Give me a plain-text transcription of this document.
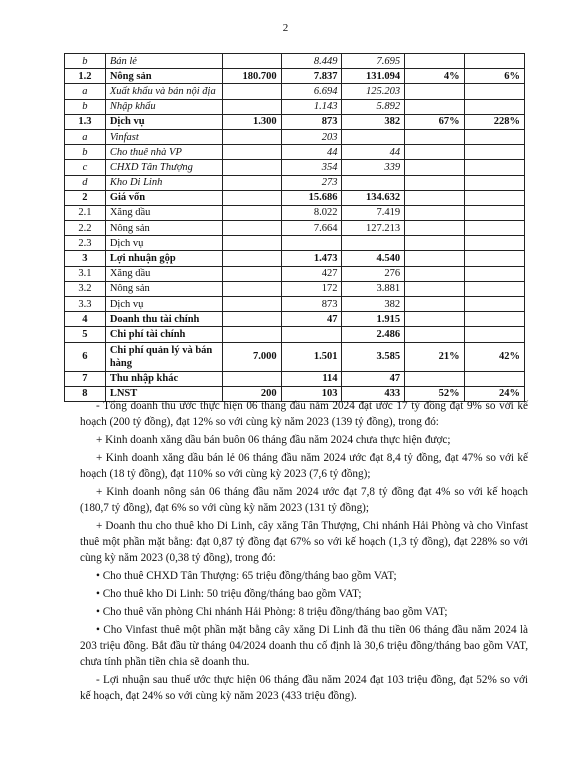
2
b	Bán lẻ		8.449	7.695		
1.2	Nông sản	180.700	7.837	131.094	4%	6%
a	Xuất khẩu và bán nội địa		6.694	125.203		
b	Nhập khẩu		1.143	5.892		
1.3	Dịch vụ	1.300	873	382	67%	228%
a	Vinfast		203			
b	Cho thuê nhà VP		44	44		
c	CHXD Tân Thượng		354	339		
d	Kho Di Linh		273			
2	Giá vốn		15.686	134.632		
2.1	Xăng dầu		8.022	7.419		
2.2	Nông sản		7.664	127.213		
2.3	Dịch vụ					
3	Lợi nhuận gộp		1.473	4.540		
3.1	Xăng dầu		427	276		
3.2	Nông sản		172	3.881		
3.3	Dịch vụ		873	382		
4	Doanh thu tài chính		47	1.915		
5	Chi phí tài chính			2.486		
6	Chi phí quản lý và bán hàng	7.000	1.501	3.585	21%	42%
7	Thu nhập khác		114	47		
8	LNST	200	103	433	52%	24%

- Tổng doanh thu ước thực hiện 06 tháng đầu năm 2024 đạt ước 17 tỷ đồng đạt 9% so với kế hoạch (200 tỷ đồng), đạt 12% so với cùng kỳ năm 2023 (139 tỷ đồng), trong đó:

+ Kinh doanh xăng dầu bán buôn 06 tháng đầu năm 2024 chưa thực hiện được;

+ Kinh doanh xăng dầu bán lẻ 06 tháng đầu năm 2024 ước đạt 8,4 tỷ đồng, đạt 47% so với kế hoạch (18 tỷ đồng), đạt 110% so với cùng kỳ 2023 (7,6 tỷ đồng);

+ Kinh doanh nông sản 06 tháng đầu năm 2024 ước đạt 7,8 tỷ đồng đạt 4% so với kế hoạch (180,7 tỷ đồng), đạt 6% so với cùng kỳ năm 2023 (131 tỷ đồng);

+ Doanh thu cho thuê kho Di Linh, cây xăng Tân Thượng, Chi nhánh Hải Phòng và cho Vinfast thuê một phần mặt bằng: đạt 0,87 tỷ đồng đạt 67% so với kế hoạch (1,3 tỷ đồng), đạt 228% so với cùng kỳ năm 2023 (0,38 tỷ đồng), trong đó:

• Cho thuê CHXD Tân Thượng: 65 triệu đồng/tháng bao gồm VAT;

• Cho thuê kho Di Linh: 50 triệu đồng/tháng bao gồm VAT;

• Cho thuê văn phòng Chi nhánh Hải Phòng: 8 triệu đồng/tháng bao gồm VAT;

• Cho Vinfast thuê một phần mặt bằng cây xăng Di Linh đã thu tiền 06 tháng đầu năm 2024 là 203 triệu đồng. Bắt đầu từ tháng 04/2024 doanh thu cố định là 30,6 triệu đồng/tháng bao gồm VAT, chưa tính phần tiền chia sẽ doanh thu.

- Lợi nhuận sau thuế ước thực hiện 06 tháng đầu năm 2024 đạt 103 triệu đồng, đạt 52% so với kế hoạch, đạt 24% so với cùng kỳ năm 2023 (433 triệu đồng).
